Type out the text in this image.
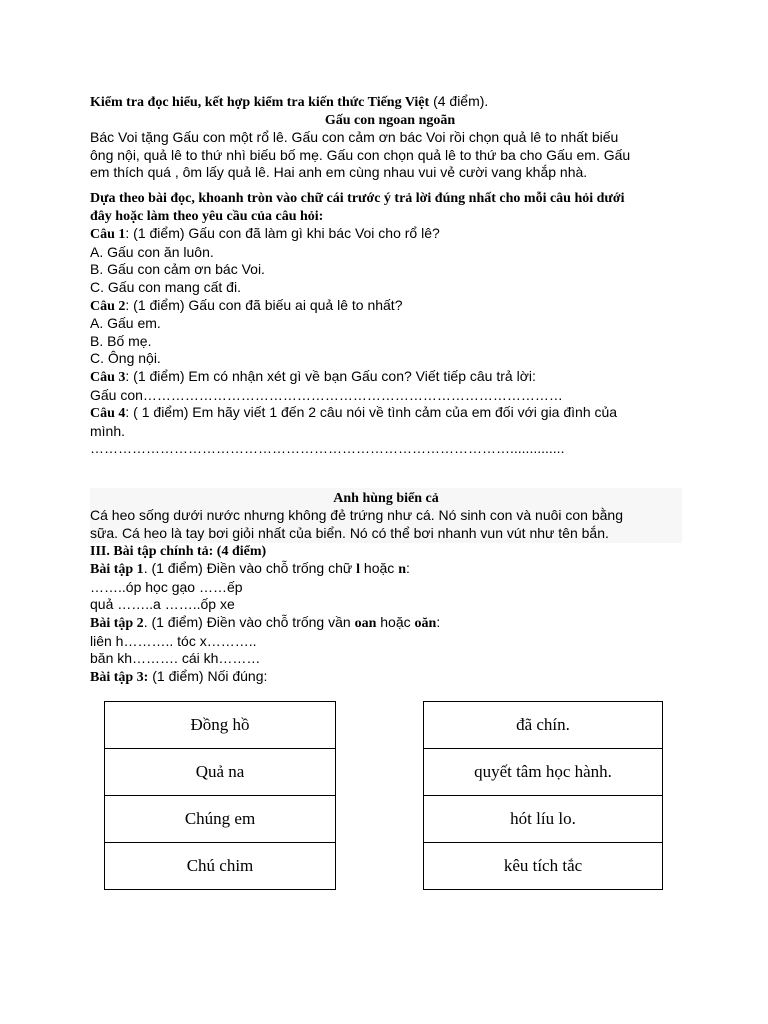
Kiểm tra đọc hiểu, kết hợp kiểm tra kiến thức Tiếng Việt (4 điểm).
Gấu con ngoan ngoãn
Bác Voi tặng Gấu con một rổ lê. Gấu con cảm ơn bác Voi rồi chọn quả lê to nhất biếu
ông nội, quả lê to thứ nhì biếu bố mẹ. Gấu con chọn quả lê to thứ ba cho Gấu em. Gấu
em thích quá , ôm lấy quả lê. Hai anh em cùng nhau vui vẻ cười vang khắp nhà.
Dựa theo bài đọc, khoanh tròn vào chữ cái trước ý trả lời đúng nhất cho mỗi câu hỏi dưới
đây hoặc làm theo yêu cầu của câu hỏi:
Câu 1: (1 điểm) Gấu con đã làm gì khi bác Voi cho rổ lê?
A. Gấu con ăn luôn.
B. Gấu con cảm ơn bác Voi.
C. Gấu con mang cất đi.
Câu 2: (1 điểm) Gấu con đã biếu ai quả lê to nhất?
A. Gấu em.
B. Bố mẹ.
C. Ông nội.
Câu 3: (1 điểm) Em có nhận xét gì về bạn Gấu con? Viết tiếp câu trả lời:
Gấu con………………………………………………………………………………
Câu 4: ( 1 điểm) Em hãy viết 1 đến 2 câu nói về tình cảm của em đối với gia đình của
mình.
………………………………………………………………………………..............
Anh hùng biển cả
Cá heo sống dưới nước nhưng không đẻ trứng như cá. Nó sinh con và nuôi con bằng
sữa. Cá heo là tay bơi giỏi nhất của biển. Nó có thể bơi nhanh vun vút như tên bắn.
III. Bài tập chính tả: (4 điểm)
Bài tập 1. (1 điểm) Điền vào chỗ trống chữ l hoặc n:
……..óp học gạo ……ếp
quả ……..a ……..ốp xe
Bài tập 2. (1 điểm) Điền vào chỗ trống vần oan hoặc oăn:
liên h……….. tóc x………..
băn kh………. cái kh………
Bài tập 3: (1 điểm) Nối đúng:
Đồng hồ
Quả na
Chúng em
Chú chim
đã chín.
quyết tâm học hành.
hót líu lo.
kêu tích tắc
